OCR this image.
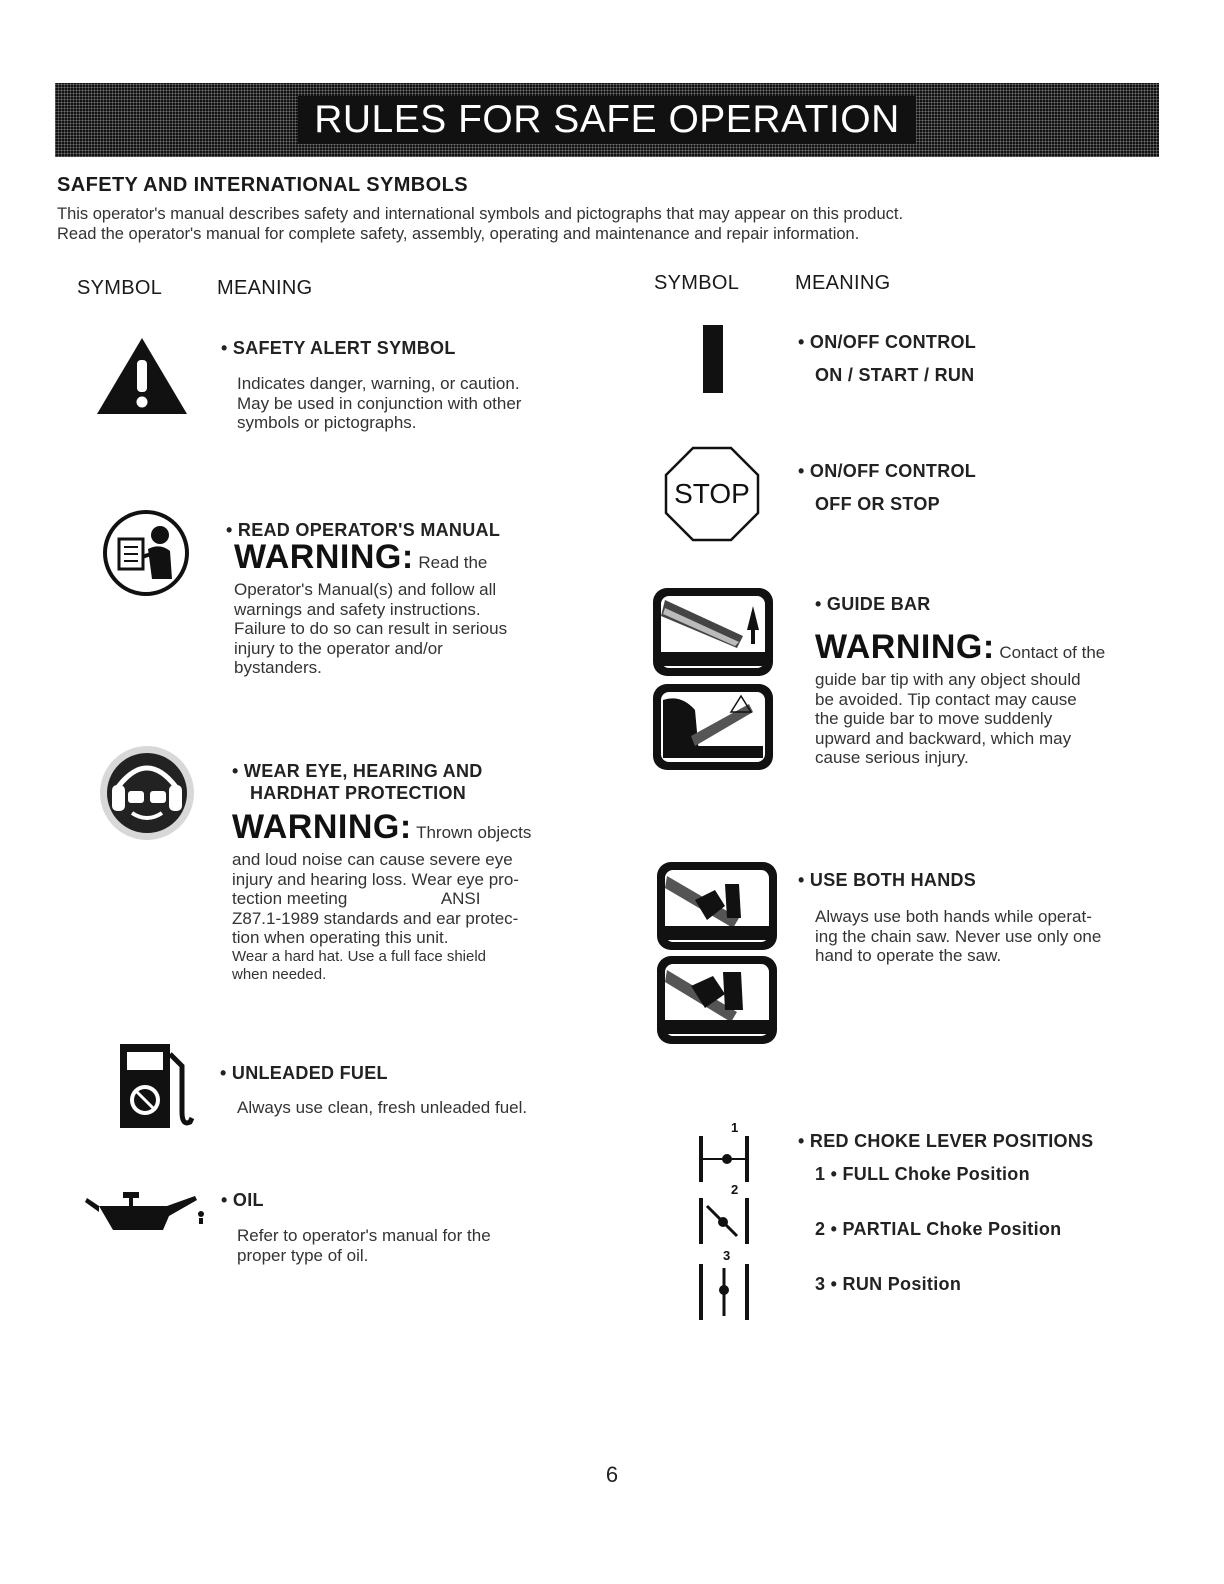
RULES FOR SAFE OPERATION
SAFETY AND INTERNATIONAL SYMBOLS
This operator's manual describes safety and international symbols and pictographs that may appear on this product.
Read the operator's manual for complete safety, assembly, operating and maintenance and repair information.
SYMBOL	MEANING	SYMBOL	MEANING
• SAFETY ALERT SYMBOL
Indicates danger, warning, or caution.
May be used in conjunction with other
symbols or pictographs.
• READ OPERATOR'S MANUAL
WARNING: Read the
Operator's Manual(s) and follow all
warnings and safety instructions.
Failure to do so can result in serious
injury to the operator and/or
bystanders.
• WEAR EYE, HEARING AND
HARDHAT PROTECTION
WARNING: Thrown objects
and loud noise can cause severe eye
injury and hearing loss. Wear eye pro-
tection meeting                    ANSI
Z87.1-1989 standards and ear protec-
tion when operating this unit.
Wear a hard hat. Use a full face shield
when needed.
• UNLEADED FUEL
Always use clean, fresh unleaded fuel.
• OIL
Refer to operator's manual for the
proper type of oil.
• ON/OFF CONTROL
ON / START / RUN
STOP
• ON/OFF CONTROL
OFF OR STOP
• GUIDE BAR
WARNING: Contact of the
guide bar tip with any object should
be avoided. Tip contact may cause
the guide bar to move suddenly
upward and backward, which may
cause serious injury.
• USE BOTH HANDS
Always use both hands while operat-
ing the chain saw. Never use only one
hand to operate the saw.
1
2
3
• RED CHOKE LEVER POSITIONS
1 • FULL Choke Position
2 • PARTIAL Choke Position
3 • RUN Position
6
